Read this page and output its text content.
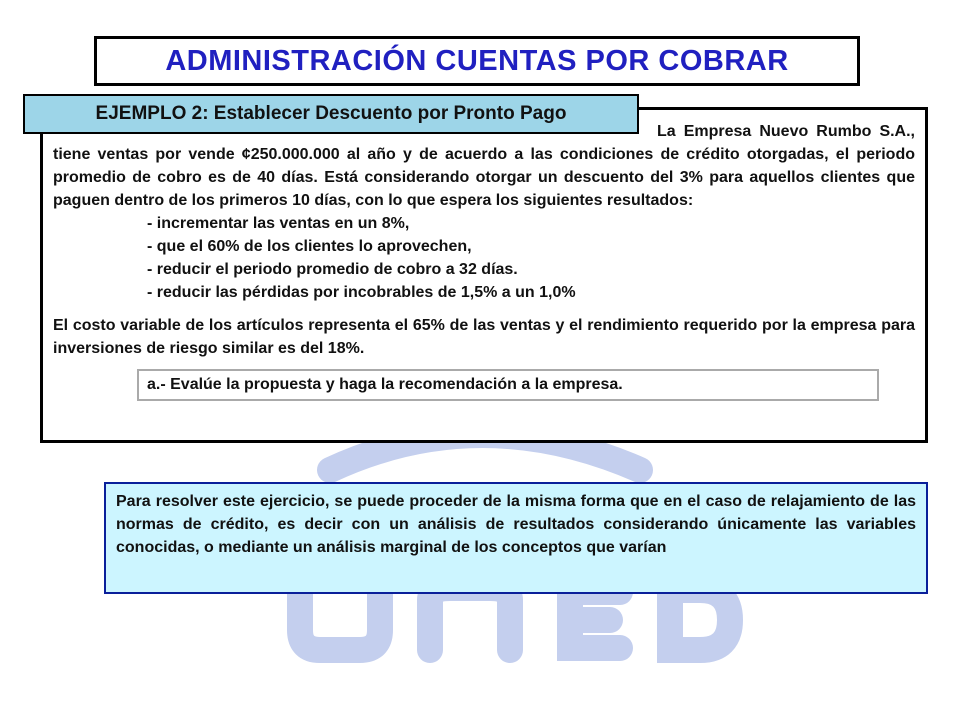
ADMINISTRACIÓN CUENTAS POR COBRAR

La Empresa Nuevo Rumbo S.A., tiene ventas por vende ¢250.000.000 al año y de acuerdo a las condiciones de crédito otorgadas, el periodo promedio de cobro es de 40 días. Está considerando otorgar un descuento del 3% para aquellos clientes que paguen dentro de los primeros 10 días, con lo que espera los siguientes resultados:

- incrementar las ventas en un 8%,
- que el 60% de los clientes lo aprovechen,
- reducir el periodo promedio de cobro a 32 días.
- reducir las pérdidas por incobrables de 1,5% a un 1,0%

El costo variable de los artículos representa el 65% de las ventas y el rendimiento requerido por la empresa para inversiones de riesgo similar es del 18%.

a.- Evalúe la propuesta y haga la recomendación a la empresa.
EJEMPLO 2: Establecer Descuento por Pronto Pago
Para resolver este ejercicio, se puede proceder de la misma forma que en el caso de relajamiento de las normas de crédito, es decir con un análisis de resultados considerando únicamente las variables conocidas, o mediante un análisis marginal de los conceptos que varían
